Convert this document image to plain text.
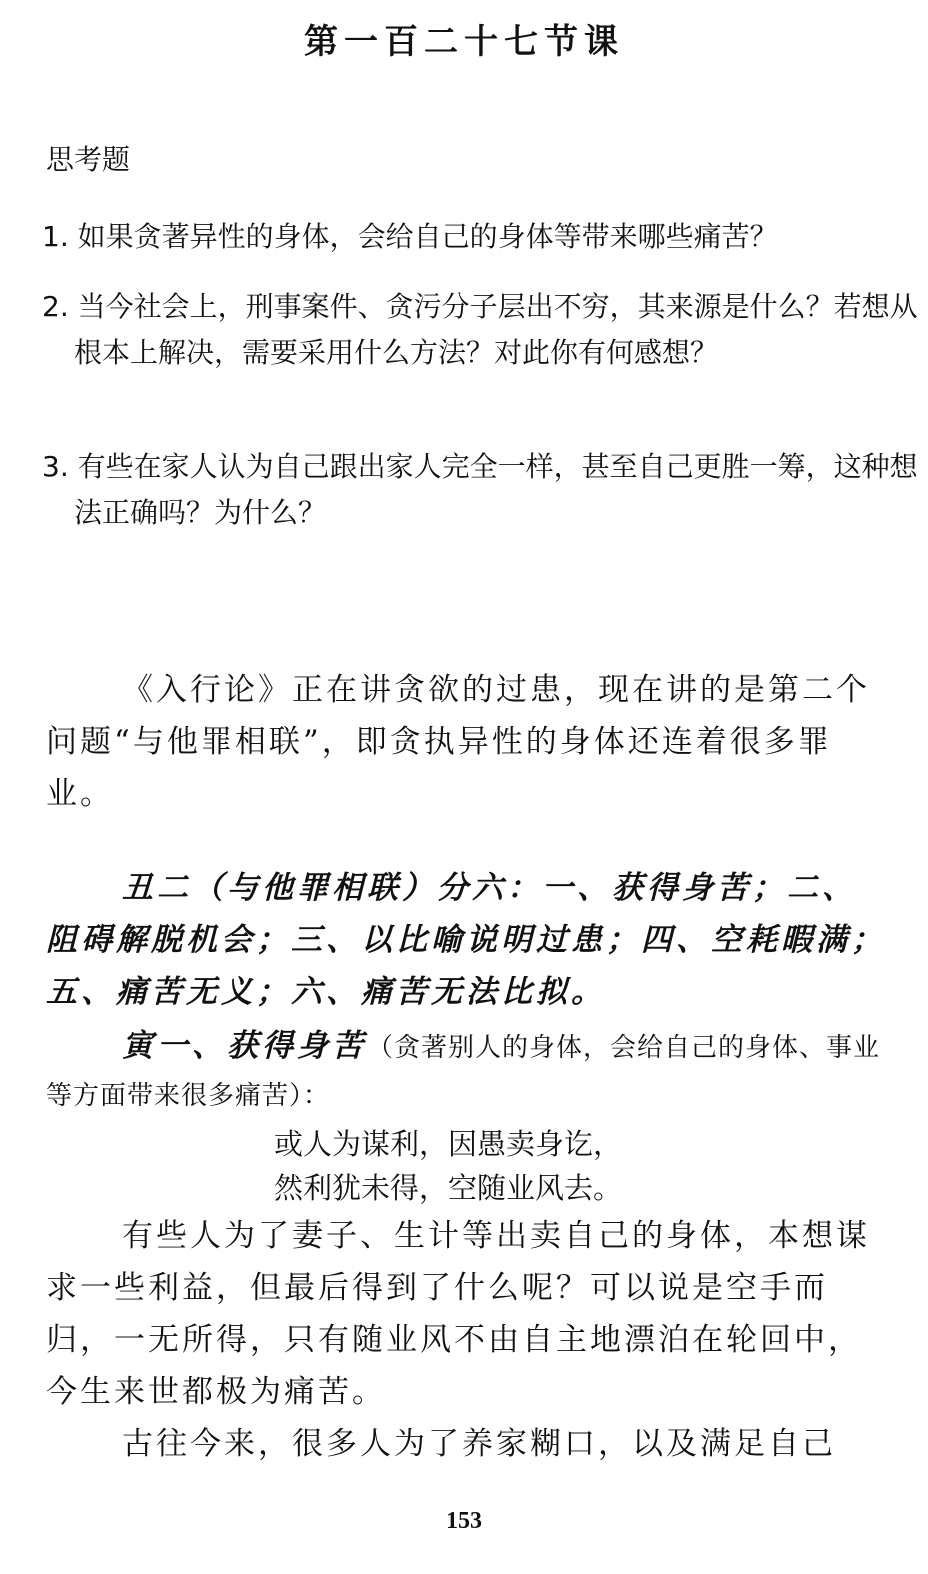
第一百二十七节课

思考题

1. 如果贪著异性的身体，会给自己的身体等带来哪些痛苦？

2. 当今社会上，刑事案件、贪污分子层出不穷，其来源是什么？若想从根本上解决，需要采用什么方法？对此你有何感想？

3. 有些在家人认为自己跟出家人完全一样，甚至自己更胜一筹，这种想法正确吗？为什么？

《入行论》正在讲贪欲的过患，现在讲的是第二个问题“与他罪相联”，即贪执异性的身体还连着很多罪业。

丑二（与他罪相联）分六：一、获得身苦；二、阻碍解脱机会；三、以比喻说明过患；四、空耗暇满；五、痛苦无义；六、痛苦无法比拟。

寅一、获得身苦（贪著别人的身体，会给自己的身体、事业等方面带来很多痛苦）：

或人为谋利，因愚卖身讫，

然利犹未得，空随业风去。

有些人为了妻子、生计等出卖自己的身体，本想谋求一些利益，但最后得到了什么呢？可以说是空手而归，一无所得，只有随业风不由自主地漂泊在轮回中，今生来世都极为痛苦。

古往今来，很多人为了养家糊口，以及满足自己

153
